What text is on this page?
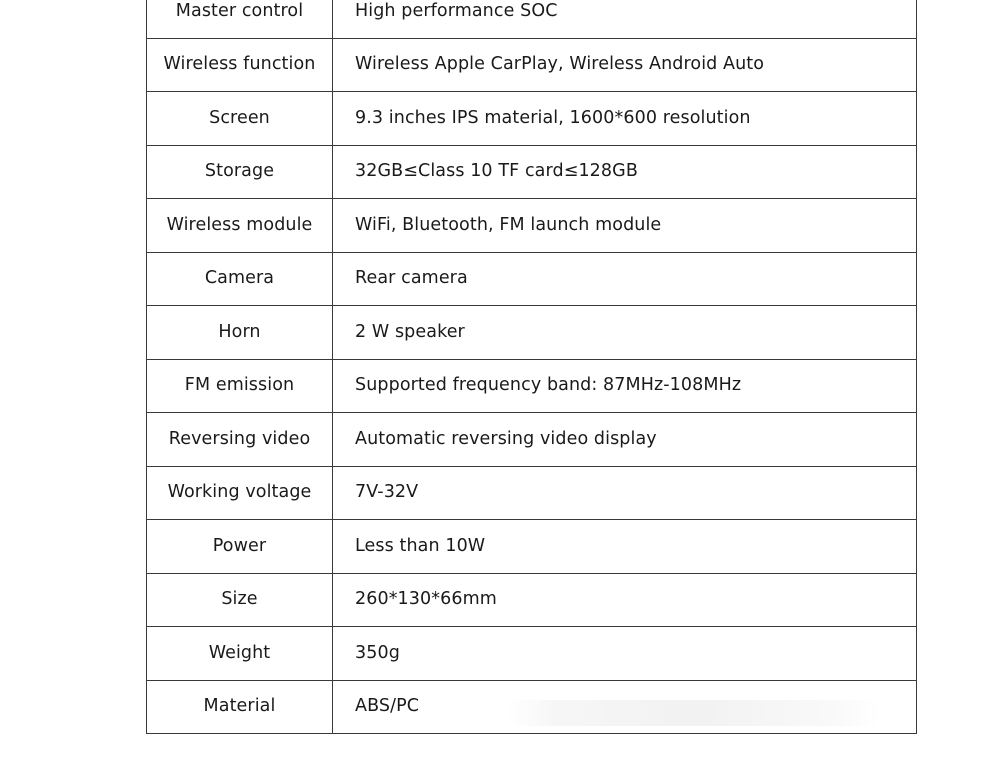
Master control	High performance SOC
Wireless function	Wireless Apple CarPlay, Wireless Android Auto
Screen	9.3 inches IPS material, 1600*600 resolution
Storage	32GB≤Class 10 TF card≤128GB
Wireless module	WiFi, Bluetooth, FM launch module
Camera	Rear camera
Horn	2 W speaker
FM emission	Supported frequency band: 87MHz-108MHz
Reversing video	Automatic reversing video display
Working voltage	7V-32V
Power	Less than 10W
Size	260*130*66mm
Weight	350g
Material	ABS/PC
